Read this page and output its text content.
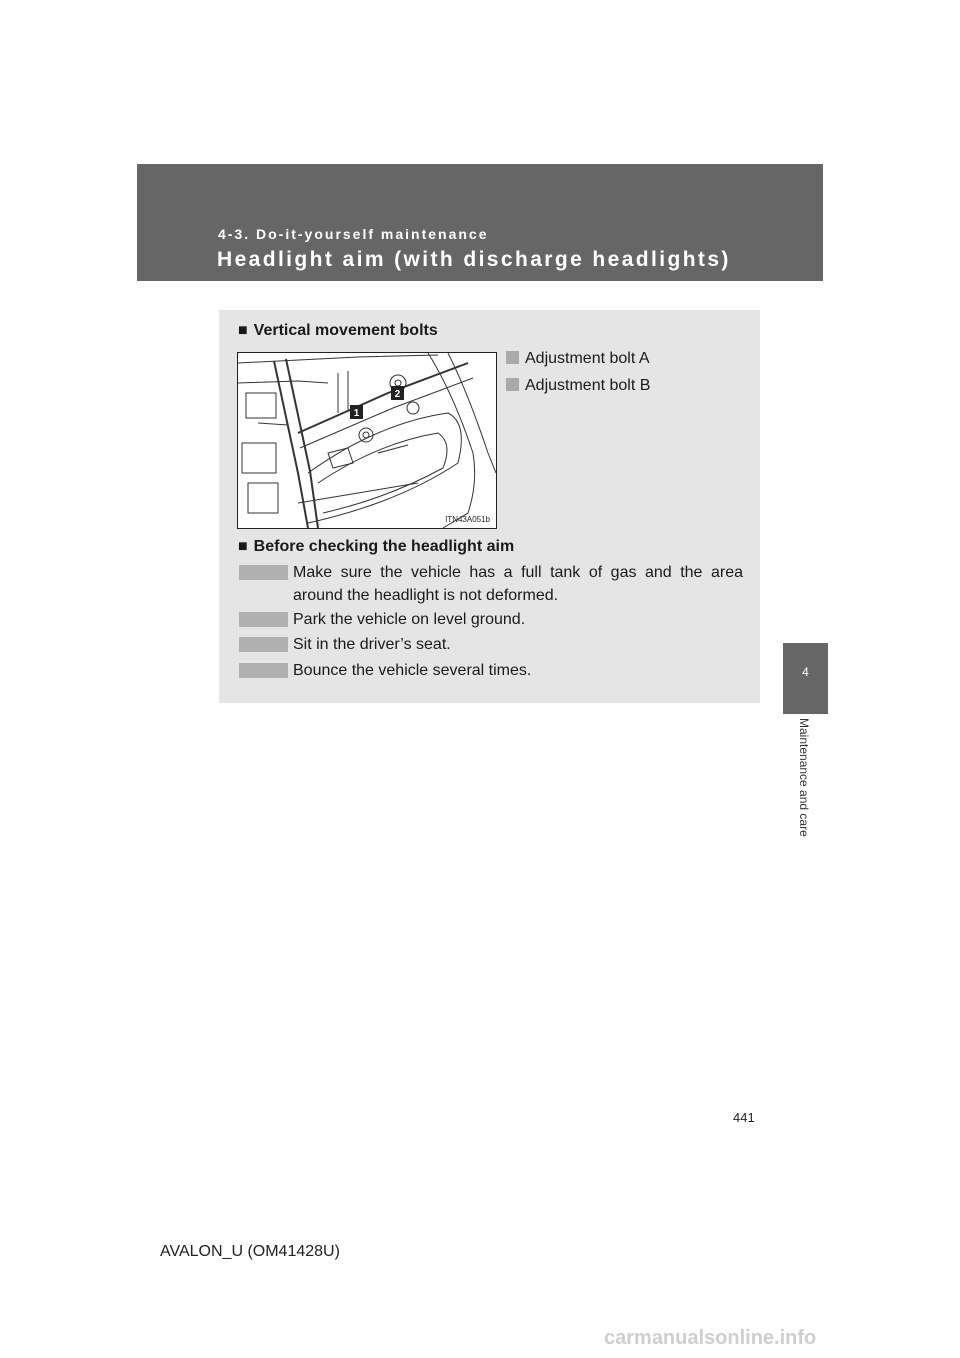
4-3. Do-it-yourself maintenance
Headlight aim (with discharge headlights)
4
Maintenance and care
■ Vertical movement bolts
1
2
ITN43A051b
Adjustment bolt A
Adjustment bolt B
■ Before checking the headlight aim
Make sure the vehicle has a full tank of gas and the area around the headlight is not deformed.
Park the vehicle on level ground.
Sit in the driver’s seat.
Bounce the vehicle several times.
441
AVALON_U (OM41428U)
carmanualsonline.info
